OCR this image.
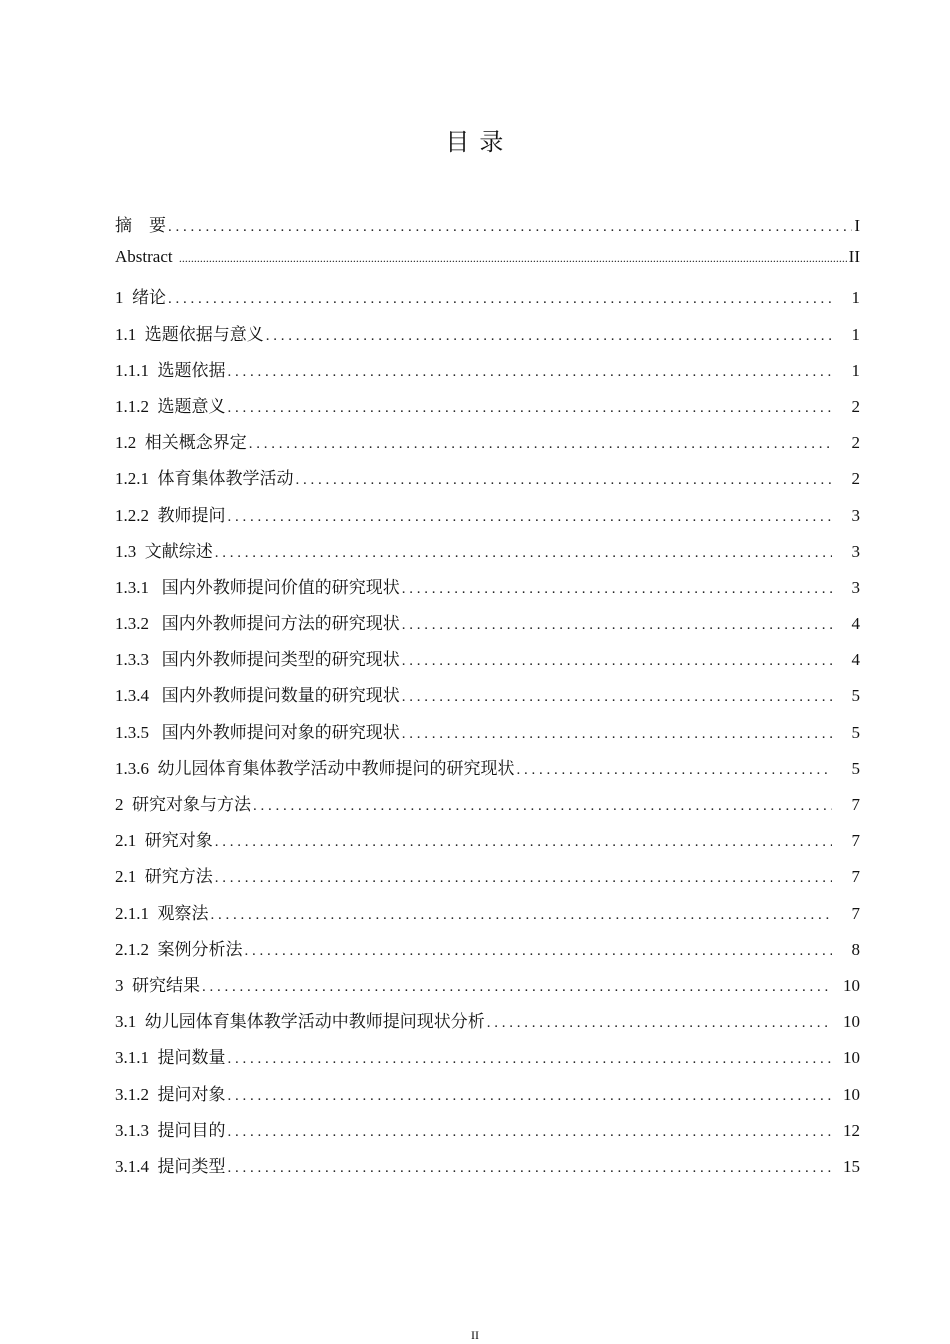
目 录
摘    要 . . .	I
Abstract .....	II
1  绪论 . . .	1
1.1  选题依据与意义 . . .	1
1.1.1  选题依据 . . .	1
1.1.2  选题意义 . . .	2
1.2  相关概念界定 . . .	2
1.2.1  体育集体教学活动 . . .	2
1.2.2  教师提问 . . .	3
1.3  文献综述 . . .	3
1.3.1   国内外教师提问价值的研究现状 . . .	3
1.3.2   国内外教师提问方法的研究现状 . . .	4
1.3.3   国内外教师提问类型的研究现状 . . .	4
1.3.4   国内外教师提问数量的研究现状 . . .	5
1.3.5   国内外教师提问对象的研究现状 . . .	5
1.3.6  幼儿园体育集体教学活动中教师提问的研究现状 . . .	5
2  研究对象与方法 . . .	7
2.1  研究对象 . . .	7
2.1  研究方法 . . .	7
2.1.1  观察法 . . .	7
2.1.2  案例分析法 . . .	8
3  研究结果 . . .	10
3.1  幼儿园体育集体教学活动中教师提问现状分析 . . .	10
3.1.1  提问数量 . . .	10
3.1.2  提问对象 . . .	10
3.1.3  提问目的 . . .	12
3.1.4  提问类型 . . .	15
II
